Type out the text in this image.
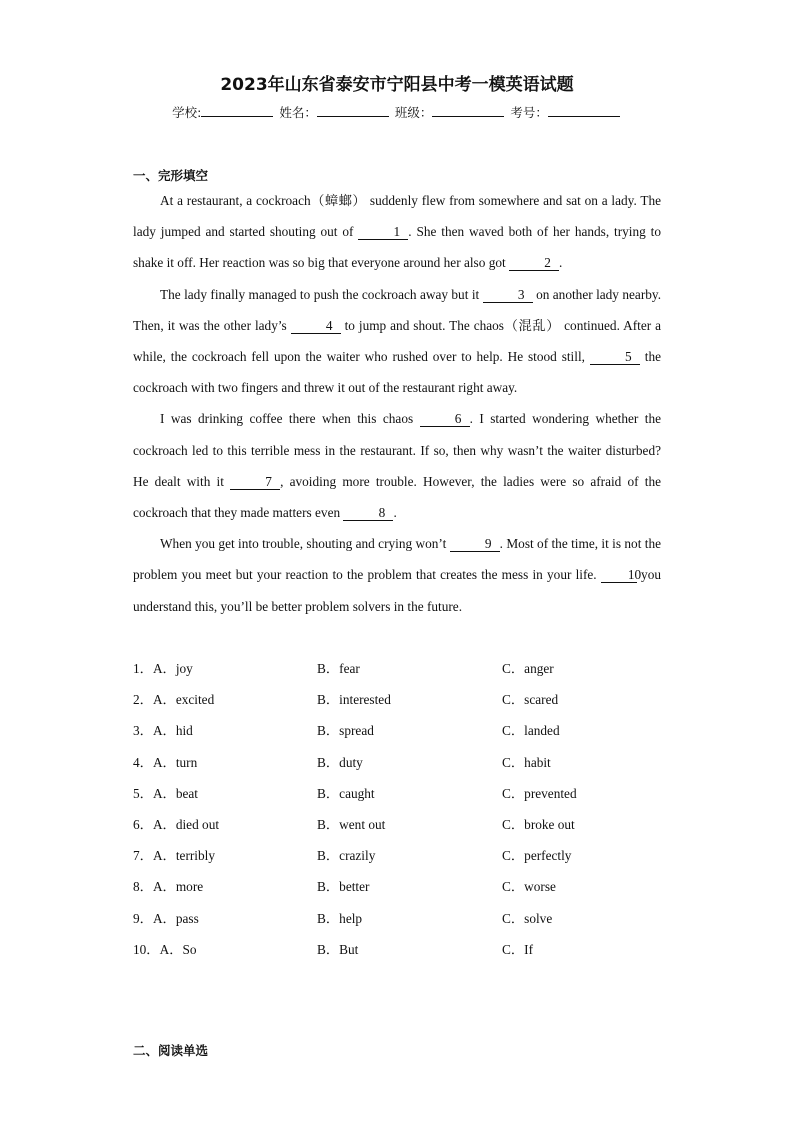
2023年山东省泰安市宁阳县中考一模英语试题
学校:	姓名：	班级：	考号：
一、完形填空

At a restaurant, a cockroach（蟑螂） suddenly flew from somewhere and sat on a lady. The lady jumped and started shouting out of	1 . She then waved both of her hands, trying to shake it off. Her reaction was so big that everyone around her also got	2 .

The lady finally managed to push the cockroach away but it	3 on another lady nearby. Then, it was the other lady’s	4 to jump and shout. The chaos（混乱） continued. After a while, the cockroach fell upon the waiter who rushed over to help. He stood still,	5 the cockroach with two fingers and threw it out of the restaurant right away.

I was drinking coffee there when this chaos	6 . I started wondering whether the cockroach led to this terrible mess in the restaurant. If so, then why wasn’t the waiter disturbed? He dealt with it	7 , avoiding more trouble. However, the ladies were so afraid of the cockroach that they made matters even	8 .

When you get into trouble, shouting and crying won’t	9 . Most of the time, it is not the problem you meet but your reaction to the problem that creates the mess in your life. 10 you understand this, you’ll be better problem solvers in the future.

1．A．joy	B．fear	C．anger
2．A．excited	B．interested	C．scared
3．A．hid	B．spread	C．landed
4．A．turn	B．duty	C．habit
5．A．beat	B．caught	C．prevented
6．A．died out	B．went out	C．broke out
7．A．terribly	B．crazily	C．perfectly
8．A．more	B．better	C．worse
9．A．pass	B．help	C．solve
10．A．So	B．But	C．If
二、阅读单选
